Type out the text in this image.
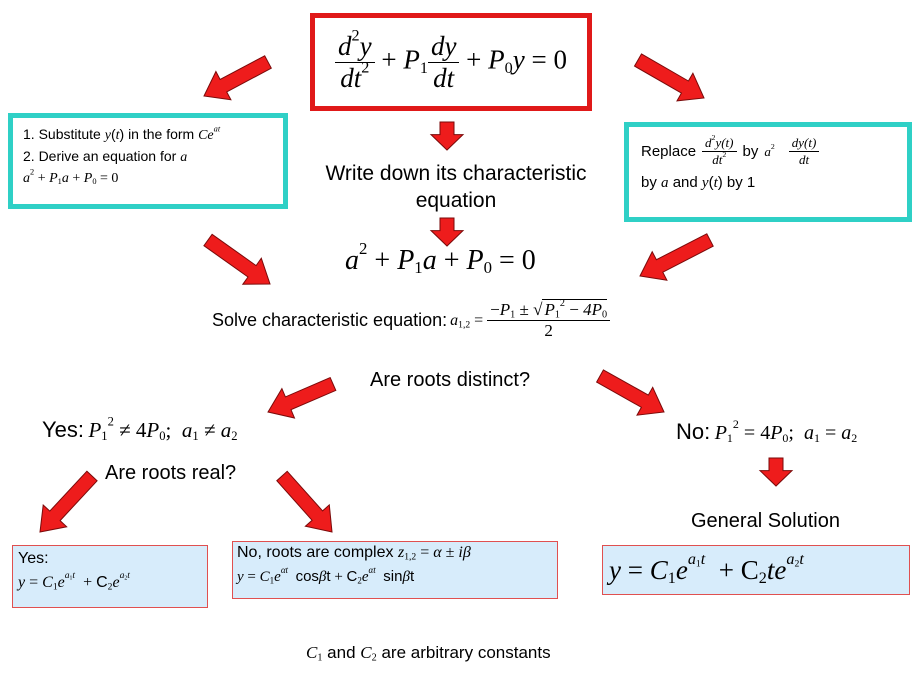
$\frac{d^2y}{dt^2} + P_1 \frac{dy}{dt} + P_0y = 0$
1. Substitute y(t) in the form $Ce^{at}$
2. Derive an equation for a
$a^2 + P_1a + P_0 = 0$
Replace $\frac{d^2y(t)}{dt^2}$ by $a^2 \frac{dy(t)}{dt}$
by a and y(t) by 1
Write down its characteristic equation
$a^2 + P_1a + P_0 = 0$
Solve characteristic equation : $a_{1,2} = \frac{-P_1 \pm √ P_1^2 - 4P_0}{2}$
Are roots distinct?
Yes: $P_1^2 \ne 4P_0$;  $a_1 \ne a_2$	No: $P_1^2 = 4P_0$;  $a_1 = a_2$
Are roots real?
General Solution
Yes:
$y = C_1e^{a_1t} + C_2e^{a_2t}$
No, roots are complex $z_{1,2} = \alpha \pm i\beta$
$y = C_1e^{\alpha t}$ $\cos\beta t + C_2e^{\alpha t}$ sinβt	$y = C_1e^{a_1t} + C_2te^{a_2t}$
$C_1$ and $C_2$ are arbitrary constants
